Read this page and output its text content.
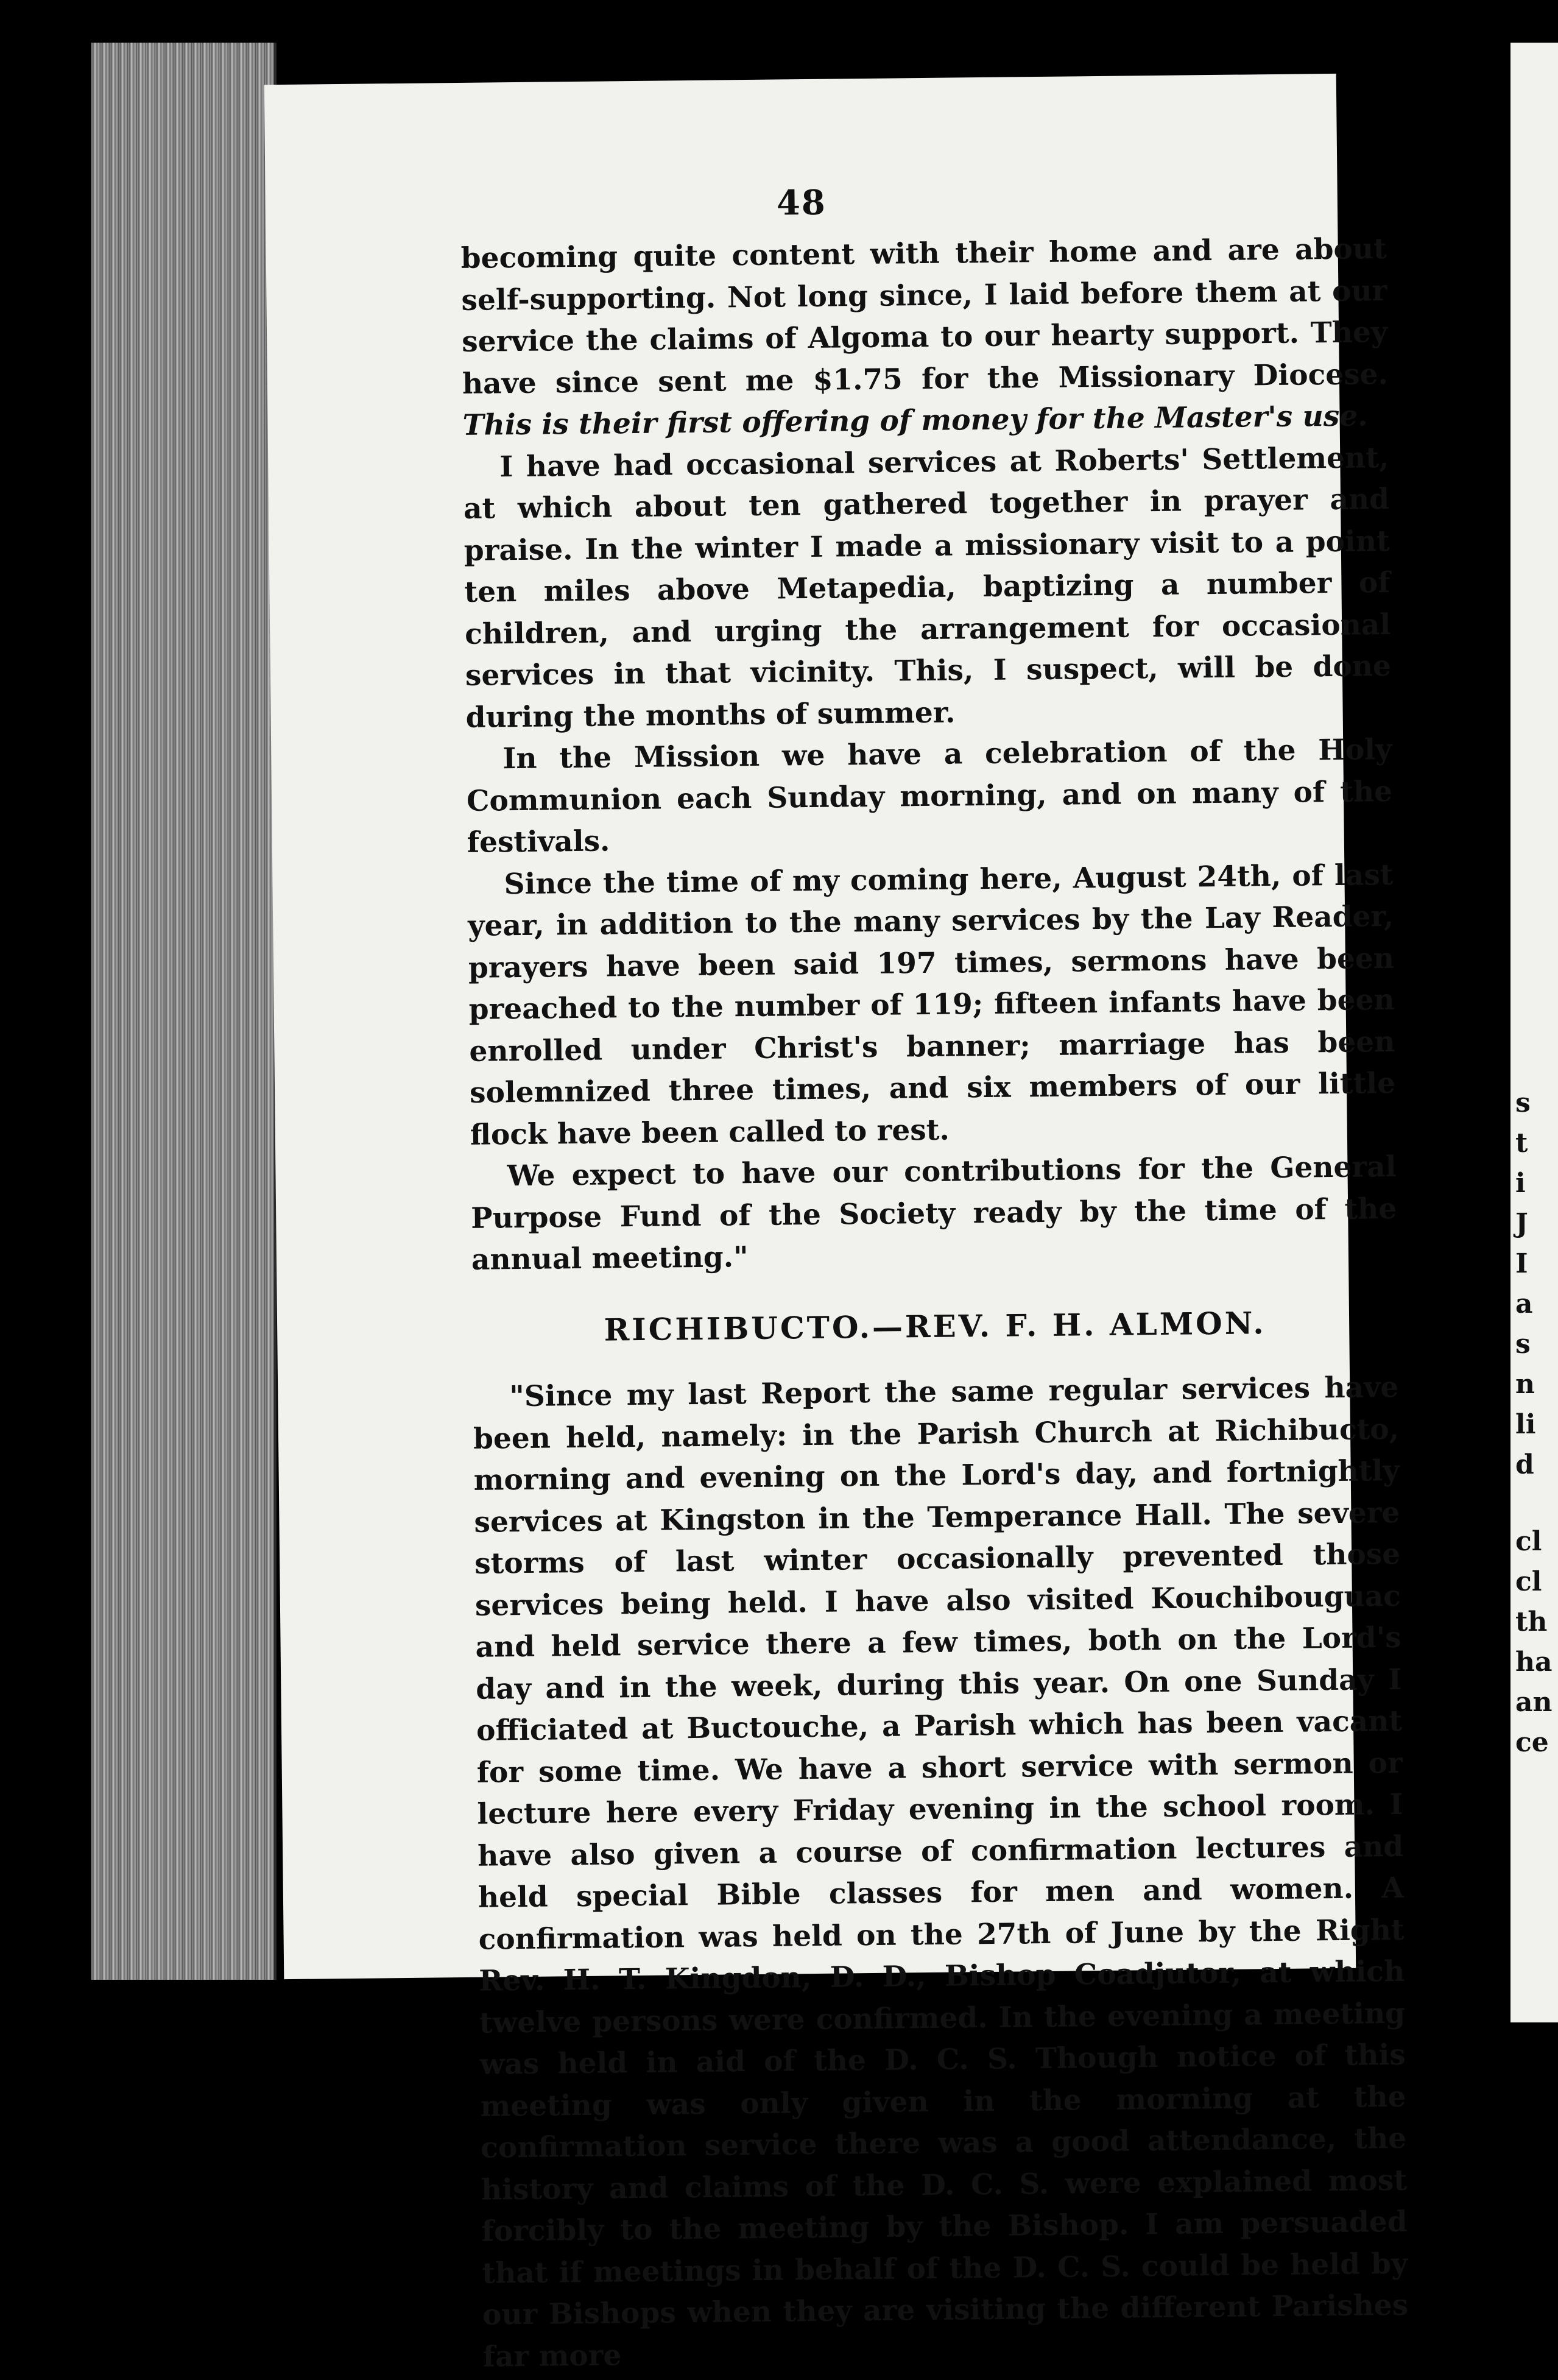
48

becoming quite content with their home and are about self-supporting. Not long since, I laid before them at our service the claims of Algoma to our hearty support. They have since sent me $1.75 for the Missionary Diocese. This is their first offering of money for the Master's use.

I have had occasional services at Roberts' Settlement, at which about ten gathered together in prayer and praise. In the winter I made a missionary visit to a point ten miles above Metapedia, baptizing a number of children, and urging the arrangement for occasional services in that vicinity. This, I suspect, will be done during the months of summer.

In the Mission we have a celebration of the Holy Communion each Sunday morning, and on many of the festivals.

Since the time of my coming here, August 24th, of last year, in addition to the many services by the Lay Reader, prayers have been said 197 times, sermons have been preached to the number of 119; fifteen infants have been enrolled under Christ's banner; marriage has been solemnized three times, and six members of our little flock have been called to rest.

We expect to have our contributions for the General Purpose Fund of the Society ready by the time of the annual meeting."

RICHIBUCTO.—REV. F. H. ALMON.

"Since my last Report the same regular services have been held, namely: in the Parish Church at Richibucto, morning and evening on the Lord's day, and fortnightly services at Kingston in the Temperance Hall. The severe storms of last winter occasionally prevented those services being held. I have also visited Kouchibouguac and held service there a few times, both on the Lord's day and in the week, during this year. On one Sunday I officiated at Buctouche, a Parish which has been vacant for some time. We have a short service with sermon or lecture here every Friday evening in the school room. I have also given a course of confirmation lectures and held special Bible classes for men and women. A confirmation was held on the 27th of June by the Right Rev. H. T. Kingdon, D. D., Bishop Coadjutor, at which twelve persons were confirmed. In the evening a meeting was held in aid of the D. C. S. Though notice of this meeting was only given in the morning at the confirmation service there was a good attendance, the history and claims of the D. C. S. were explained most forcibly to the meeting by the Bishop. I am persuaded that if meetings in behalf of the D. C. S. could be held by our Bishops when they are visiting the different Parishes far more

s
t
i
J
I
a
s
n
li
d
cl
cl
th
ha
an
ce
